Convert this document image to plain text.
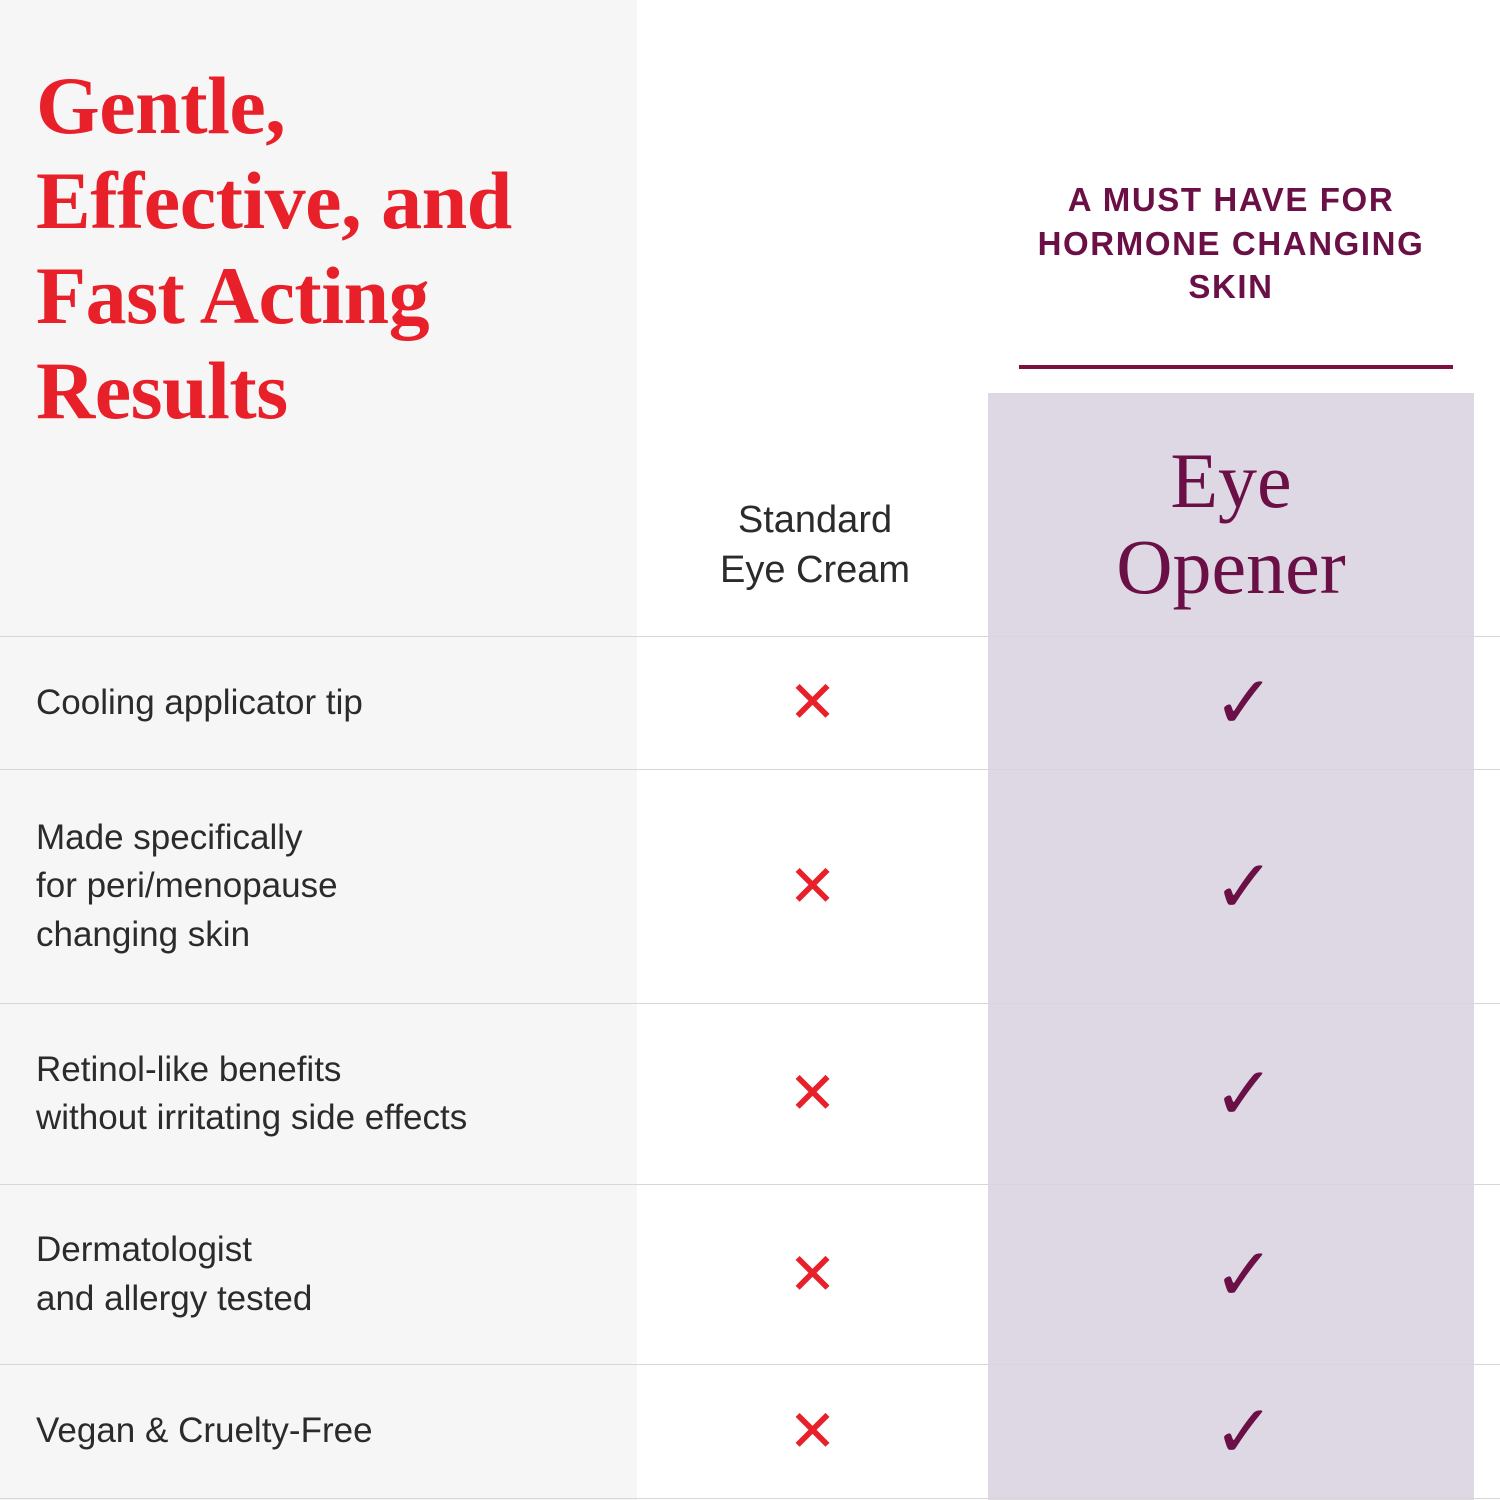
Gentle, Effective, and Fast Acting Results
A MUST HAVE FOR HORMONE CHANGING SKIN
Standard
Eye Cream
Eye
Opener
Cooling applicator tip	✕	✓
Made specifically
for peri/menopause
changing skin
✕	✓
Retinol-like benefits
without irritating side effects	✕	✓
Dermatologist
and allergy tested	✕	✓
Vegan & Cruelty-Free	✕	✓
